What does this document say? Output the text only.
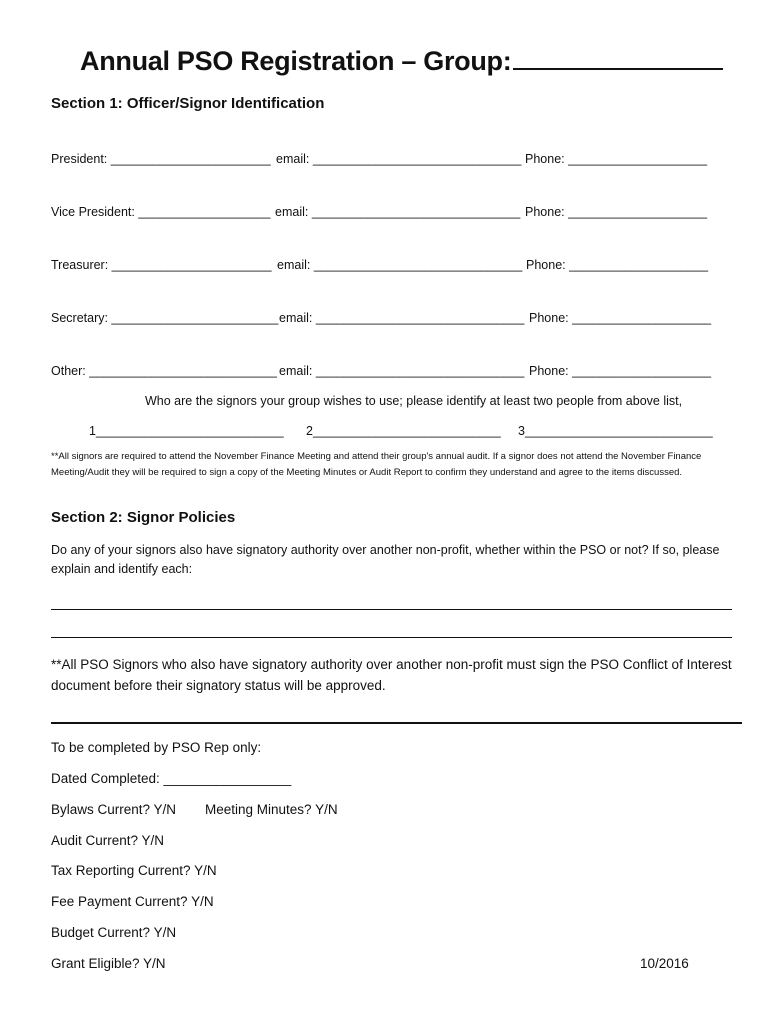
Annual PSO Registration – Group:
Section 1: Officer/Signor Identification
President: _______________________ email: ______________________________ Phone: ____________________
Vice President: ___________________ email: ______________________________ Phone: ____________________
Treasurer: _______________________ email: ______________________________ Phone: ____________________
Secretary: ________________________ email: ______________________________ Phone: ____________________
Other: ___________________________ email: ______________________________ Phone: ____________________
Who are the signors your group wishes to use; please identify at least two people from above list,
1___________________________ 2___________________________ 3___________________________
**All signors are required to attend the November Finance Meeting and attend their group's annual audit. If a signor does not attend the November Finance Meeting/Audit they will be required to sign a copy of the Meeting Minutes or Audit Report to confirm they understand and agree to the items discussed.
Section 2: Signor Policies
Do any of your signors also have signatory authority over another non-profit, whether within the PSO or not? If so, please explain and identify each:
**All PSO Signors who also have signatory authority over another non-profit must sign the PSO Conflict of Interest document before their signatory status will be approved.
To be completed by PSO Rep only:
Dated Completed: _________________
Bylaws Current? Y/N Meeting Minutes? Y/N
Audit Current? Y/N
Tax Reporting Current? Y/N
Fee Payment Current? Y/N
Budget Current? Y/N
Grant Eligible? Y/N	10/2016
